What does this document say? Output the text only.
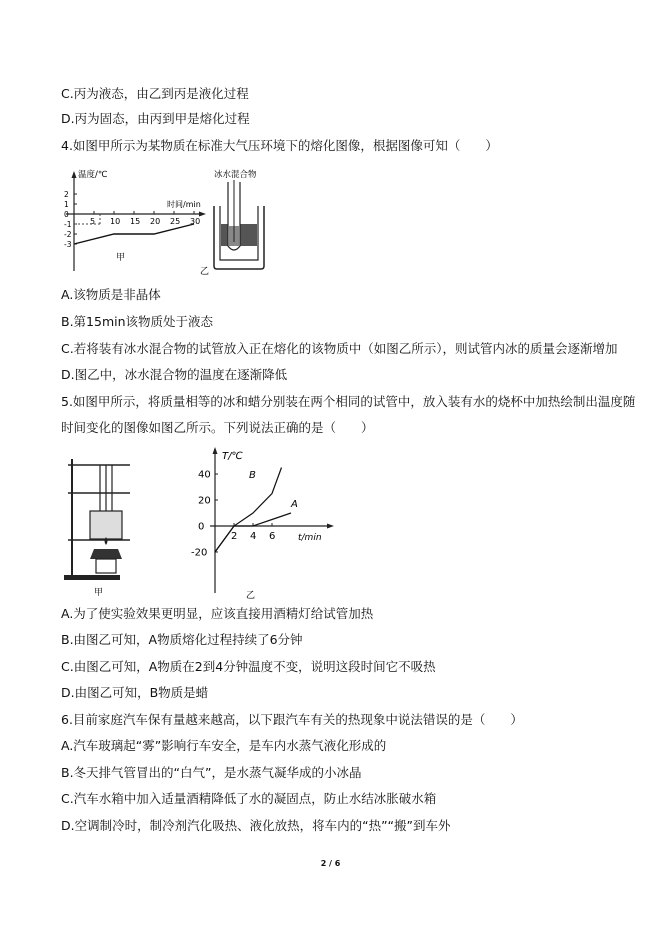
C.丙为液态，由乙到丙是液化过程
D.丙为固态，由丙到甲是熔化过程
4.如图甲所示为某物质在标准大气压环境下的熔化图像，根据图像可知（　　）
温度/℃
时间/min
2
1
0
-1
-2
-3
5 10 15 20 25 30
甲
冰水混合物
乙
A.该物质是非晶体
B.第15min该物质处于液态
C.若将装有冰水混合物的试管放入正在熔化的该物质中（如图乙所示），则试管内冰的质量会逐渐增加
D.图乙中，冰水混合物的温度在逐渐降低
5.如图甲所示，将质量相等的冰和蜡分别装在两个相同的试管中，放入装有水的烧杯中加热绘制出温度随
时间变化的图像如图乙所示。下列说法正确的是（　　）
甲
T/℃
t/min
40
20
0
-20
2 4 6
A
B
乙
A.为了使实验效果更明显，应该直接用酒精灯给试管加热
B.由图乙可知，A物质熔化过程持续了6分钟
C.由图乙可知，A物质在2到4分钟温度不变，说明这段时间它不吸热
D.由图乙可知，B物质是蜡
6.目前家庭汽车保有量越来越高，以下跟汽车有关的热现象中说法错误的是（　　）
A.汽车玻璃起“雾”影响行车安全，是车内水蒸气液化形成的
B.冬天排气管冒出的“白气”，是水蒸气凝华成的小冰晶
C.汽车水箱中加入适量酒精降低了水的凝固点，防止水结冰胀破水箱
D.空调制冷时，制冷剂汽化吸热、液化放热，将车内的“热”“搬”到车外
2 / 6
